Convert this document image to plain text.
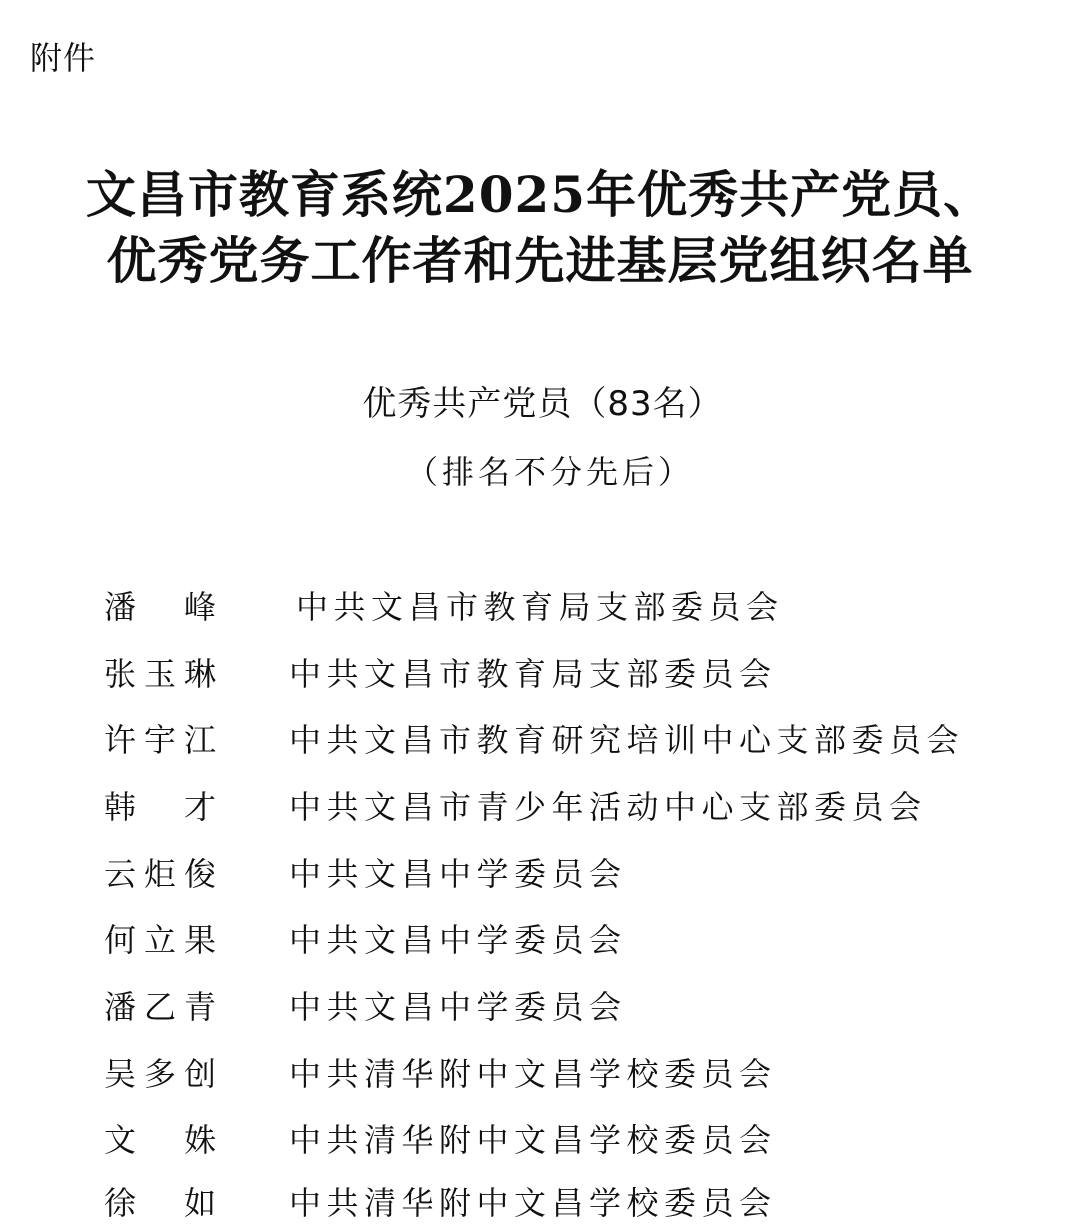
附件
文昌市教育系统2025年优秀共产党员、
优秀党务工作者和先进基层党组织名单
优秀共产党员（83名）
（排名不分先后）
潘 峰	中共文昌市教育局支部委员会
张 玉 琳 中共文昌市教育局支部委员会
许 宇 江 中共文昌市教育研究培训中心支部委员会
韩 才 中共文昌市青少年活动中心支部委员会
云 炬 俊 中共文昌中学委员会
何 立 果 中共文昌中学委员会
潘 乙 青 中共文昌中学委员会
吴 多 创 中共清华附中文昌学校委员会
文 姝 中共清华附中文昌学校委员会
徐 如 中共清华附中文昌学校委员会
